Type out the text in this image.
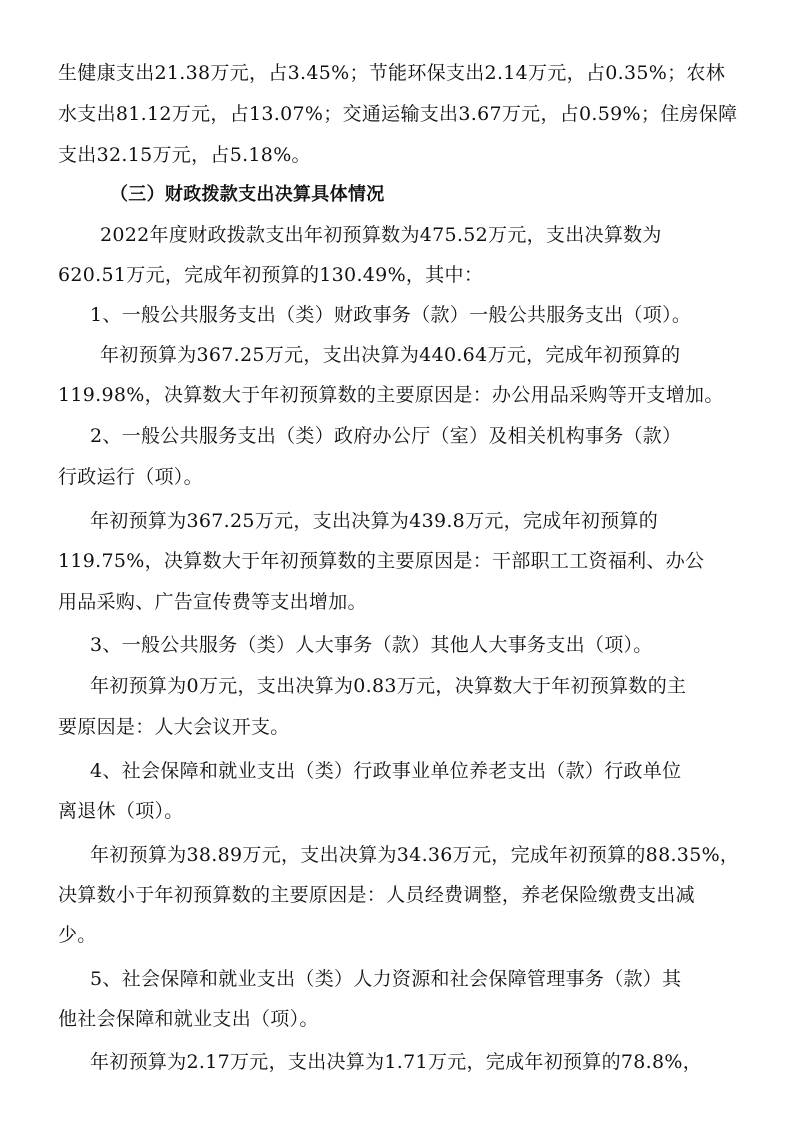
生健康支出21.38万元，占3.45%；节能环保支出2.14万元，占0.35%；农林
水支出81.12万元，占13.07%；交通运输支出3.67万元，占0.59%；住房保障
支出32.15万元，占5.18%。
（三）财政拨款支出决算具体情况
2022年度财政拨款支出年初预算数为475.52万元，支出决算数为
620.51万元，完成年初预算的130.49%，其中：
1、一般公共服务支出（类）财政事务（款）一般公共服务支出（项）。
年初预算为367.25万元，支出决算为440.64万元，完成年初预算的
119.98%，决算数大于年初预算数的主要原因是：办公用品采购等开支增加。
2、一般公共服务支出（类）政府办公厅（室）及相关机构事务（款）
行政运行（项）。
年初预算为367.25万元，支出决算为439.8万元，完成年初预算的
119.75%，决算数大于年初预算数的主要原因是：干部职工工资福利、办公
用品采购、广告宣传费等支出增加。
3、一般公共服务（类）人大事务（款）其他人大事务支出（项）。
年初预算为0万元，支出决算为0.83万元，决算数大于年初预算数的主
要原因是：人大会议开支。
4、社会保障和就业支出（类）行政事业单位养老支出（款）行政单位
离退休（项）。
年初预算为38.89万元，支出决算为34.36万元，完成年初预算的88.35%，
决算数小于年初预算数的主要原因是：人员经费调整，养老保险缴费支出减
少。
5、社会保障和就业支出（类）人力资源和社会保障管理事务（款）其
他社会保障和就业支出（项）。
年初预算为2.17万元，支出决算为1.71万元，完成年初预算的78.8%，
